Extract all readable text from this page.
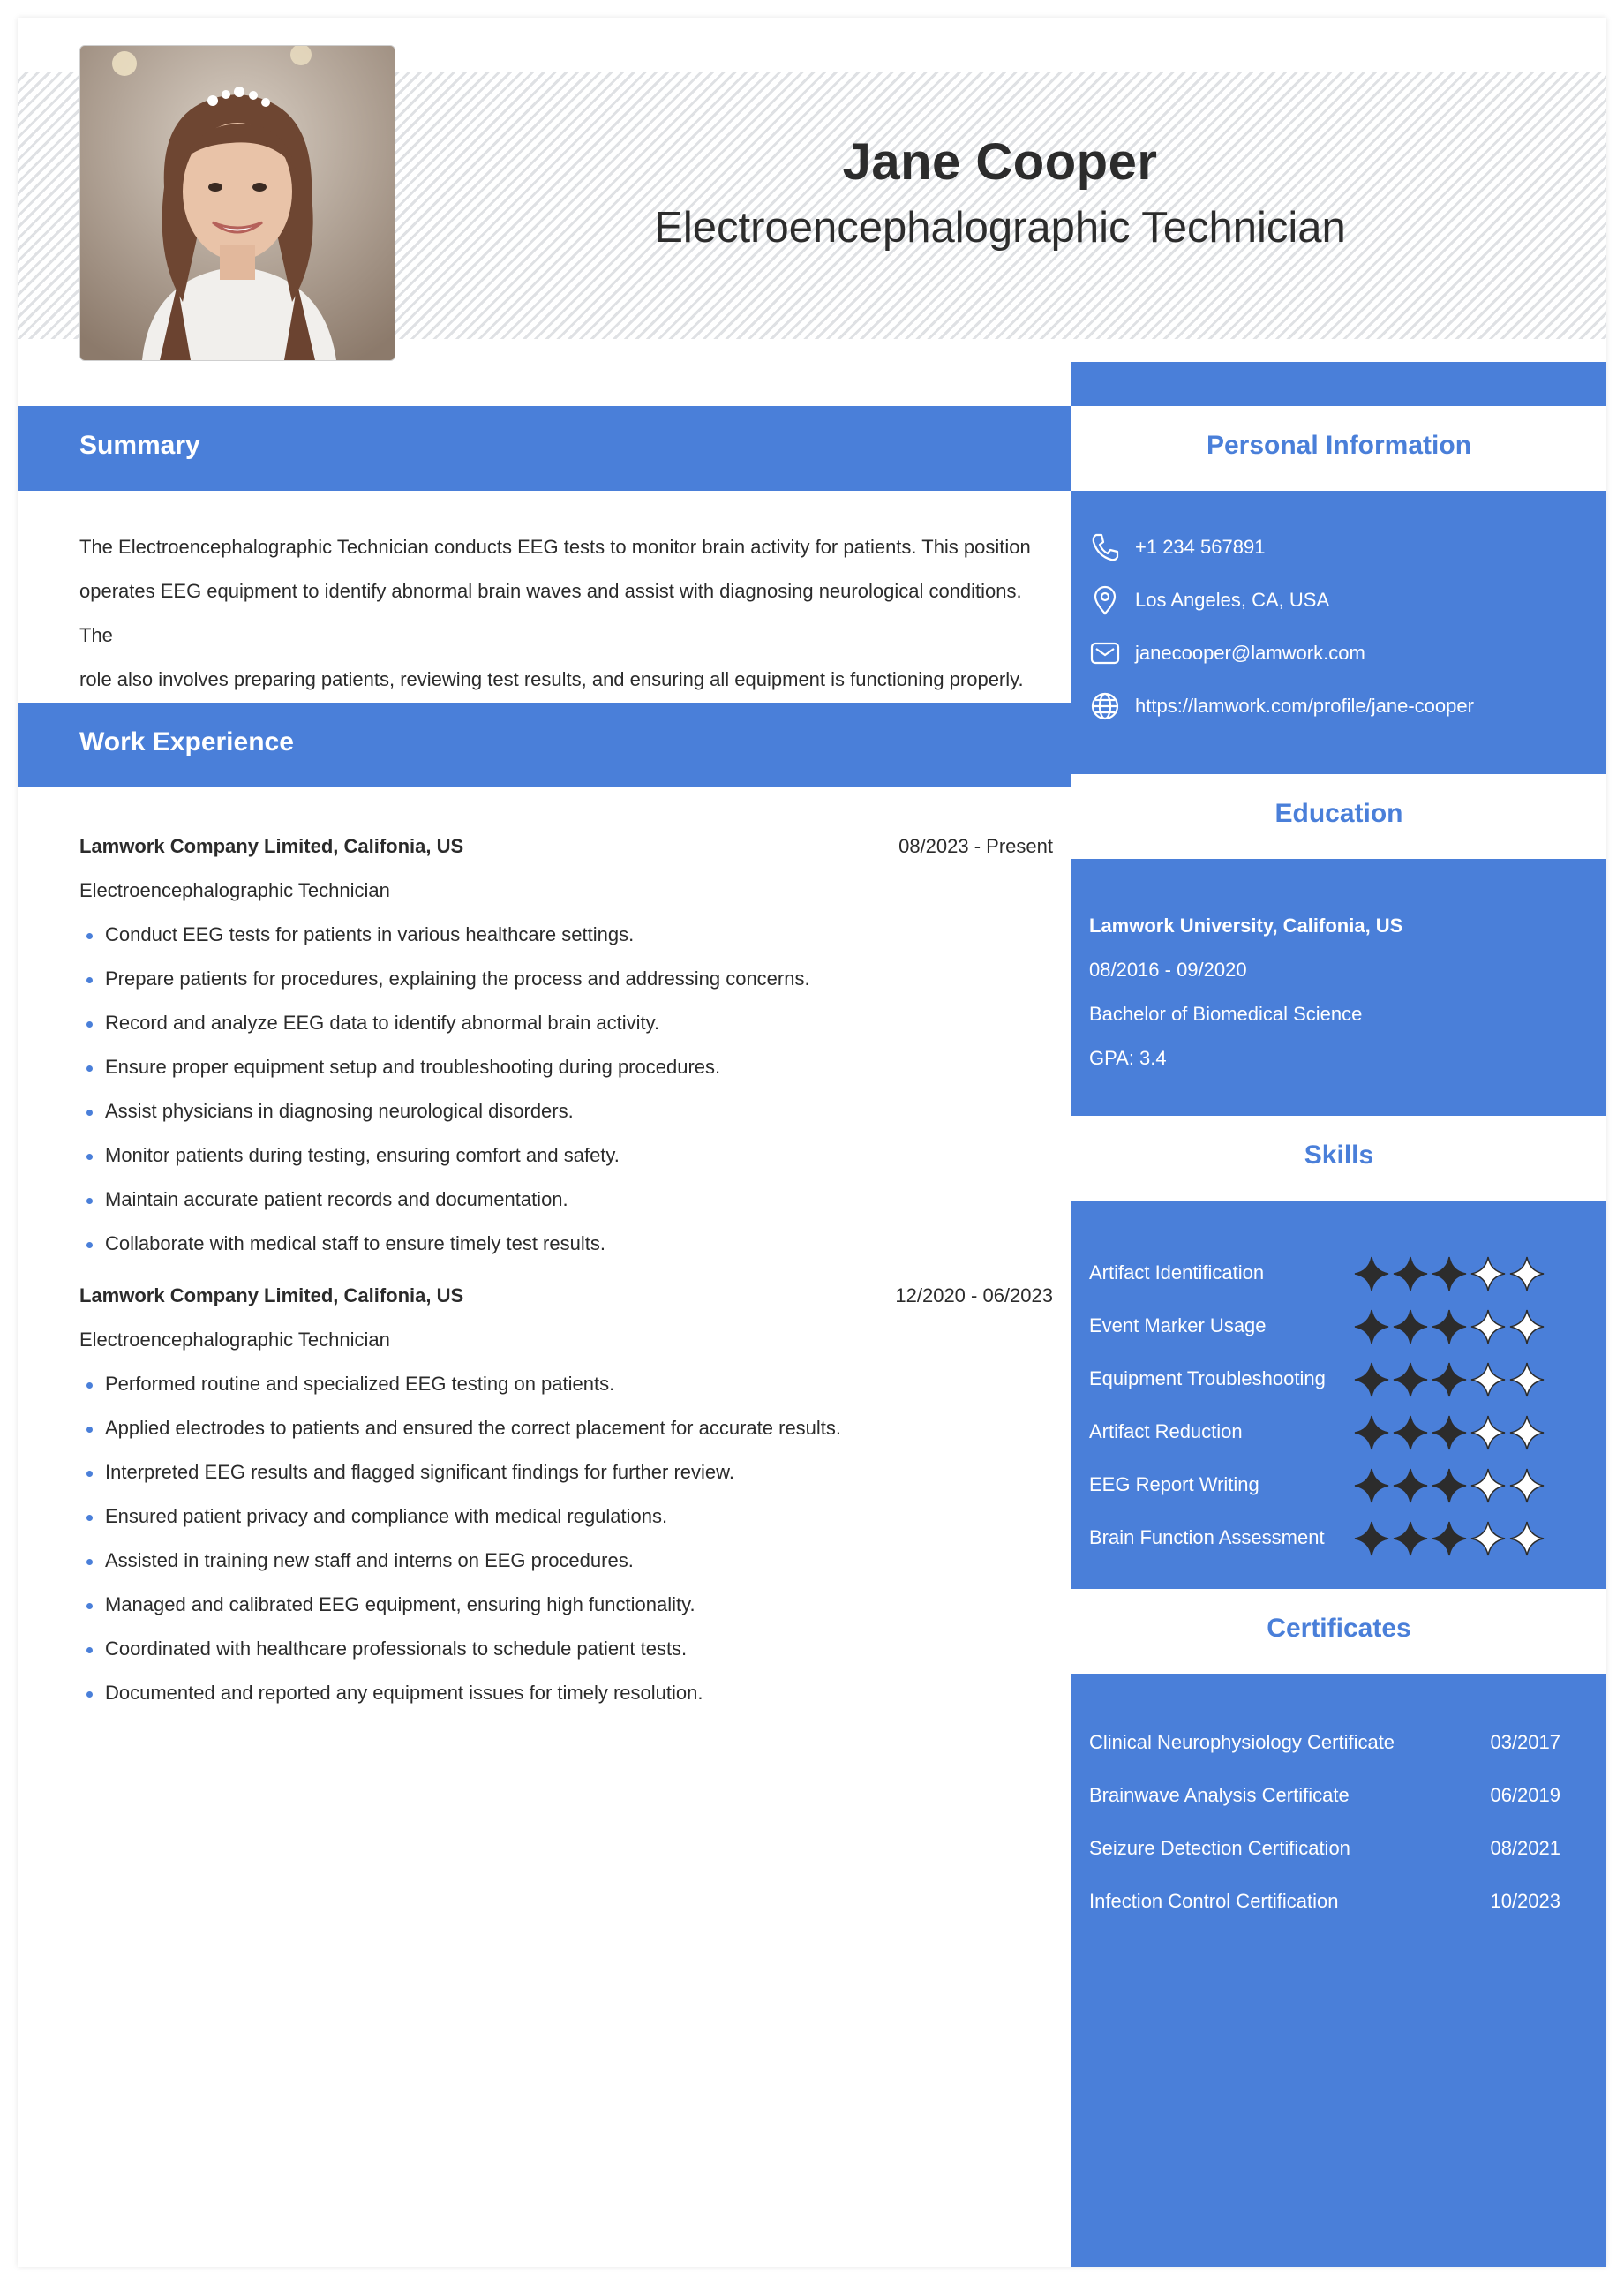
Jane Cooper
Electroencephalographic Technician
Summary
The Electroencephalographic Technician conducts EEG tests to monitor brain activity for patients. This position
operates EEG equipment to identify abnormal brain waves and assist with diagnosing neurological conditions. The
role also involves preparing patients, reviewing test results, and ensuring all equipment is functioning properly.
Work Experience
Lamwork Company Limited, Califonia, US	08/2023 - Present
Electroencephalographic Technician
Conduct EEG tests for patients in various healthcare settings.
Prepare patients for procedures, explaining the process and addressing concerns.
Record and analyze EEG data to identify abnormal brain activity.
Ensure proper equipment setup and troubleshooting during procedures.
Assist physicians in diagnosing neurological disorders.
Monitor patients during testing, ensuring comfort and safety.
Maintain accurate patient records and documentation.
Collaborate with medical staff to ensure timely test results.
Lamwork Company Limited, Califonia, US	12/2020 - 06/2023
Electroencephalographic Technician
Performed routine and specialized EEG testing on patients.
Applied electrodes to patients and ensured the correct placement for accurate results.
Interpreted EEG results and flagged significant findings for further review.
Ensured patient privacy and compliance with medical regulations.
Assisted in training new staff and interns on EEG procedures.
Managed and calibrated EEG equipment, ensuring high functionality.
Coordinated with healthcare professionals to schedule patient tests.
Documented and reported any equipment issues for timely resolution.
Personal Information
+1 234 567891
Los Angeles, CA, USA
janecooper@lamwork.com
https://lamwork.com/profile/jane-cooper
Education
Lamwork University, Califonia, US
08/2016 - 09/2020
Bachelor of Biomedical Science
GPA: 3.4
Skills
Artifact Identification
Event Marker Usage
Equipment Troubleshooting
Artifact Reduction
EEG Report Writing
Brain Function Assessment
Certificates
Clinical Neurophysiology Certificate	03/2017
Brainwave Analysis Certificate	06/2019
Seizure Detection Certification	08/2021
Infection Control Certification	10/2023
